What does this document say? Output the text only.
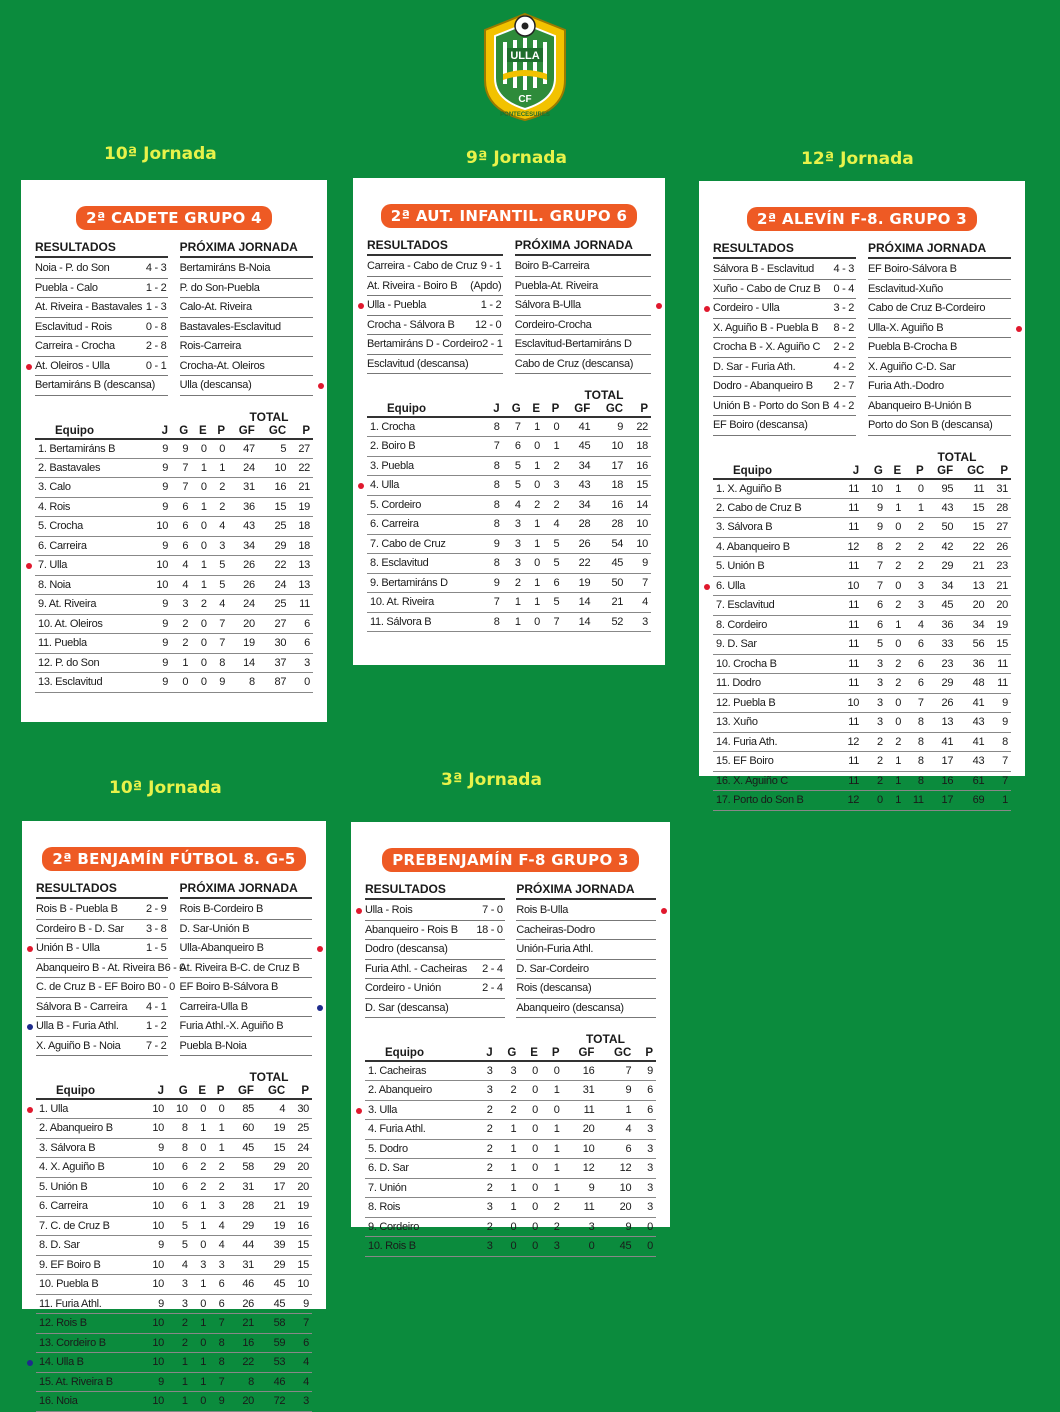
ULLA
CF
PONTECESURES
10ª Jornada	9ª Jornada	12ª Jornada
10ª Jornada	3ª Jornada
2ª CADETE GRUPO 4
RESULTADOS
Noia - P. do Son	4 - 3
Puebla - Calo	1 - 2
At. Riveira - Bastavales 1 - 3
Esclavitud - Rois	0 - 8
Carreira - Crocha	2 - 8
At. Oleiros - Ulla	0 - 1
Bertamiráns B (descansa)
PRÓXIMA JORNADA
Bertamiráns B-Noia
P. do Son-Puebla
Calo-At. Riveira
Bastavales-Esclavitud
Rois-Carreira
Crocha-At. Oleiros
Ulla (descansa)
TOTAL
Equipo	J	G	E	P	GF	GC	P
1. Bertamiráns B	9	9	0	0	47	5	27
2. Bastavales	9	7	1	1	24	10	22
3. Calo	9	7	0	2	31	16	21
4. Rois	9	6	1	2	36	15	19
5. Crocha	10	6	0	4	43	25	18
6. Carreira	9	6	0	3	34	29	18
7. Ulla	10	4	1	5	26	22	13
8. Noia	10	4	1	5	26	24	13
9. At. Riveira	9	3	2	4	24	25	11
10. At. Oleiros	9	2	0	7	20	27	6
11. Puebla	9	2	0	7	19	30	6
12. P. do Son	9	1	0	8	14	37	3
13. Esclavitud	9	0	0	9	8	87	0
2ª AUT. INFANTIL. GRUPO 6
RESULTADOS
Carreira - Cabo de Cruz 9 - 1
At. Riveira - Boiro B (Apdo)
Ulla - Puebla	1 - 2
Crocha - Sálvora B 12 - 0
Bertamiráns D - Cordeiro 2 - 1
Esclavitud (descansa)
PRÓXIMA JORNADA
Boiro B-Carreira
Puebla-At. Riveira
Sálvora B-Ulla
Cordeiro-Crocha
Esclavitud-Bertamiráns D
Cabo de Cruz (descansa)
TOTAL
Equipo	J	G	E	P	GF	GC	P
1. Crocha	8	7	1	0	41	9	22
2. Boiro B	7	6	0	1	45	10	18
3. Puebla	8	5	1	2	34	17	16
4. Ulla	8	5	0	3	43	18	15
5. Cordeiro	8	4	2	2	34	16	14
6. Carreira	8	3	1	4	28	28	10
7. Cabo de Cruz	9	3	1	5	26	54	10
8. Esclavitud	8	3	0	5	22	45	9
9. Bertamiráns D	9	2	1	6	19	50	7
10. At. Riveira	7	1	1	5	14	21	4
11. Sálvora B	8	1	0	7	14	52	3
2ª ALEVÍN F-8. GRUPO 3
RESULTADOS
Sálvora B - Esclavitud 4 - 3
Xuño - Cabo de Cruz B 0 - 4
Cordeiro - Ulla	3 - 2
X. Aguiño B - Puebla B 8 - 2
Crocha B - X. Aguiño C 2 - 2
D. Sar - Furia Ath.	4 - 2
Dodro - Abanqueiro B 2 - 7
Unión B - Porto do Son B 4 - 2
EF Boiro (descansa)
PRÓXIMA JORNADA
EF Boiro-Sálvora B
Esclavitud-Xuño
Cabo de Cruz B-Cordeiro
Ulla-X. Aguiño B
Puebla B-Crocha B
X. Aguiño C-D. Sar
Furia Ath.-Dodro
Abanqueiro B-Unión B
Porto do Son B (descansa)
TOTAL
Equipo	J	G	E	P	GF	GC	P
1. X. Aguiño B	11	10	1	0	95	11	31
2. Cabo de Cruz B	11	9	1	1	43	15	28
3. Sálvora B	11	9	0	2	50	15	27
4. Abanqueiro B	12	8	2	2	42	22	26
5. Unión B	11	7	2	2	29	21	23
6. Ulla	10	7	0	3	34	13	21
7. Esclavitud	11	6	2	3	45	20	20
8. Cordeiro	11	6	1	4	36	34	19
9. D. Sar	11	5	0	6	33	56	15
10. Crocha B	11	3	2	6	23	36	11
11. Dodro	11	3	2	6	29	48	11
12. Puebla B	10	3	0	7	26	41	9
13. Xuño	11	3	0	8	13	43	9
14. Furia Ath.	12	2	2	8	41	41	8
15. EF Boiro	11	2	1	8	17	43	7
16. X. Aguiño C	11	2	1	8	16	61	7
17. Porto do Son B	12	0	1	11	17	69	1
2ª BENJAMÍN FÚTBOL 8. G-5
RESULTADOS
Rois B - Puebla B	2 - 9
Cordeiro B - D. Sar 3 - 8
Unión B - Ulla	1 - 5
Abanqueiro B - At. Riveira B 6 - 0
C. de Cruz B - EF Boiro B 0 - 0
Sálvora B - Carreira 4 - 1
Ulla B - Furia Athl. 1 - 2
X. Aguiño B - Noia 7 - 2
PRÓXIMA JORNADA
Rois B-Cordeiro B
D. Sar-Unión B
Ulla-Abanqueiro B
At. Riveira B-C. de Cruz B
EF Boiro B-Sálvora B
Carreira-Ulla B
Furia Athl.-X. Aguiño B
Puebla B-Noia
TOTAL
Equipo	J	G	E	P	GF	GC	P
1. Ulla	10	10	0	0	85	4	30
2. Abanqueiro B	10	8	1	1	60	19	25
3. Sálvora B	9	8	0	1	45	15	24
4. X. Aguiño B	10	6	2	2	58	29	20
5. Unión B	10	6	2	2	31	17	20
6. Carreira	10	6	1	3	28	21	19
7. C. de Cruz B	10	5	1	4	29	19	16
8. D. Sar	9	5	0	4	44	39	15
9. EF Boiro B	10	4	3	3	31	29	15
10. Puebla B	10	3	1	6	46	45	10
11. Furia Athl.	9	3	0	6	26	45	9
12. Rois B	10	2	1	7	21	58	7
13. Cordeiro B	10	2	0	8	16	59	6
14. Ulla B	10	1	1	8	22	53	4
15. At. Riveira B	9	1	1	7	8	46	4
16. Noia	10	1	0	9	20	72	3
PREBENJAMÍN F-8 GRUPO 3
RESULTADOS
Ulla - Rois	7 - 0
Abanqueiro - Rois B 18 - 0
Dodro (descansa)
Furia Athl. - Cacheiras 2 - 4
Cordeiro - Unión	2 - 4
D. Sar (descansa)
PRÓXIMA JORNADA
Rois B-Ulla
Cacheiras-Dodro
Unión-Furia Athl.
D. Sar-Cordeiro
Rois (descansa)
Abanqueiro (descansa)
TOTAL
Equipo	J	G	E	P	GF	GC	P
1. Cacheiras	3	3	0	0	16	7	9
2. Abanqueiro	3	2	0	1	31	9	6
3. Ulla	2	2	0	0	11	1	6
4. Furia Athl.	2	1	0	1	20	4	3
5. Dodro	2	1	0	1	10	6	3
6. D. Sar	2	1	0	1	12	12	3
7. Unión	2	1	0	1	9	10	3
8. Rois	3	1	0	2	11	20	3
9. Cordeiro	2	0	0	2	3	9	0
10. Rois B	3	0	0	3	0	45	0
